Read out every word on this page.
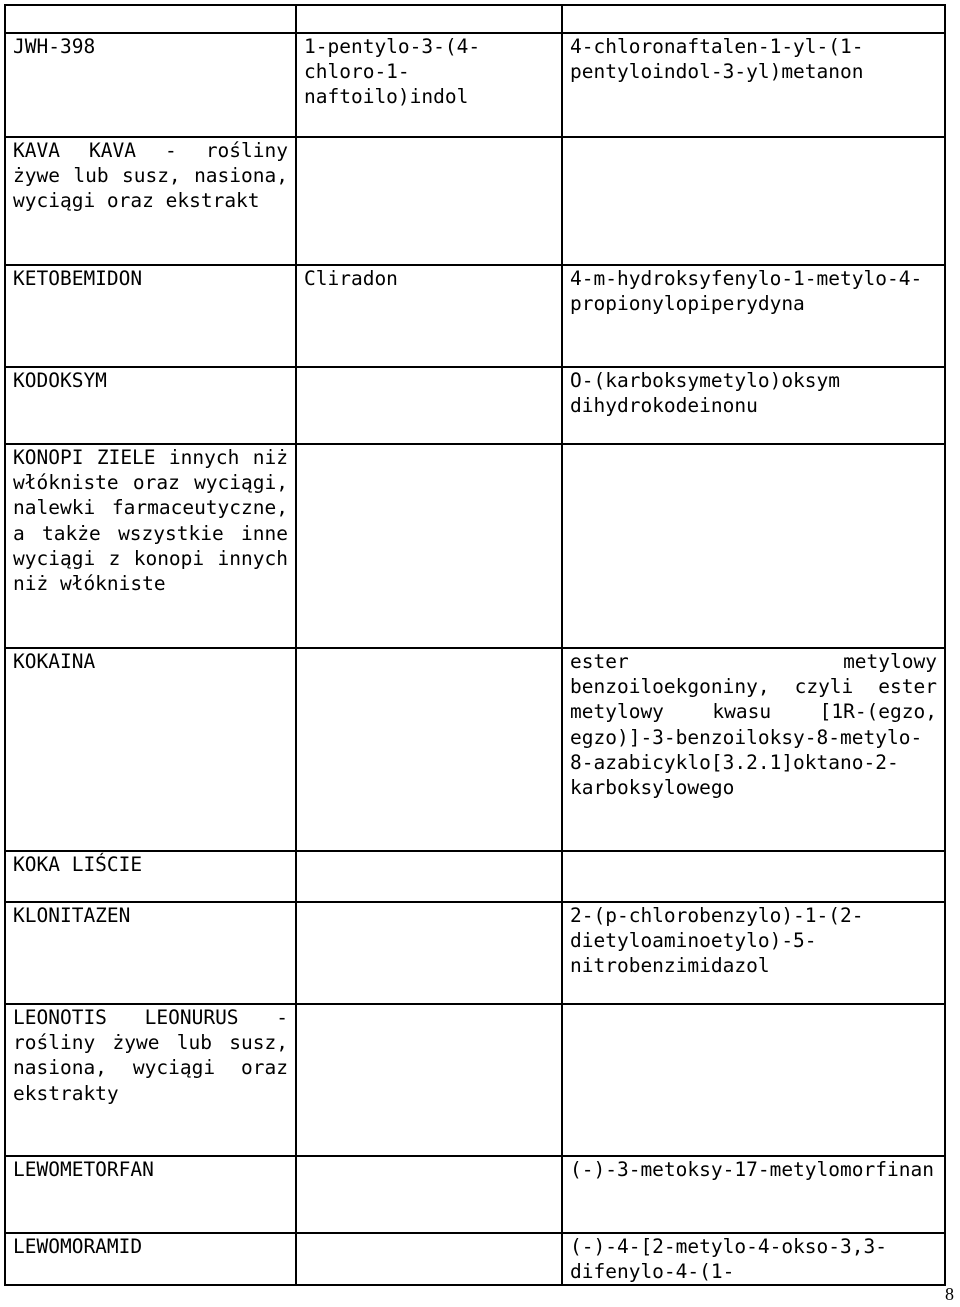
JWH-398	1-pentylo-3-(4-chloro-1-naftoilo)indol	4-chloronaftalen-1-yl-(1-pentyloindol-3-yl)metanon
KAVA KAVA - rośliny żywe lub susz, nasiona, wyciągi oraz ekstrakt		
KETOBEMIDON	Cliradon	4-m-hydroksyfenylo-1-metylo-4-propionylopiperydyna
KODOKSYM		O-(karboksymetylo)oksym dihydrokodeinonu
KONOPI ZIELE innych niż włókniste oraz wyciągi, nalewki farmaceutyczne, a także wszystkie inne wyciągi z konopi innych niż włókniste		
KOKAINA		ester metylowy benzoiloekgoniny, czyli ester metylowy kwasu [1R-(egzo, egzo)]-3-benzoiloksy-8-metylo-8-azabicyklo[3.2.1]oktano-2-karboksylowego
KOKA LIŚCIE		
KLONITAZEN		2-(p-chlorobenzylo)-1-(2-dietyloaminoetylo)-5-nitrobenzimidazol
LEONOTIS LEONURUS - rośliny żywe lub susz, nasiona, wyciągi oraz ekstrakty		
LEWOMETORFAN		(-)-3-metoksy-17-metylomorfinan
LEWOMORAMID		(-)-4-[2-metylo-4-okso-3,3-difenylo-4-(1-
8
